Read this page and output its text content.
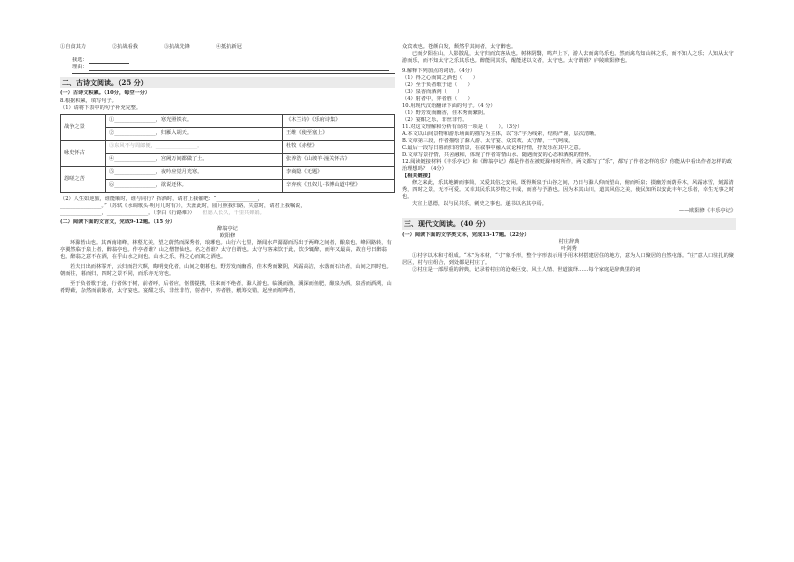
①自食其力	②抗战看我	③抗战先锋	④抵抗新冠
我选：
理由：
二、古诗文阅读。（25 分）
(一）古诗文积累。（10分，每空一分）
8.根据积累，填写句子。
（1）请将下表中的句子补充完整。
战争之景	①________________，寒光照铁衣。	《木兰诗》《乐府诗集》
	②________________，归雁入胡天。	王维《使至塞上》
咏史怀古	③东风不与周郎便，________________。	杜牧《赤壁》
	④________________，宫阙万间都做了土。	张养浩《山坡羊·潼关怀古》
怨嗟之苦	⑤________________，夜吟应觉月光寒。	李商隐《无题》
	⑥________________，欲说还休。	辛弃疾《丑奴儿·书博山道中壁》
（2）人生如逆旅，谁能顺时，谁与同行？挥洒时，请君上我催吧：“________________，
________________。”（苏轼《水调歌头·明月几时有》），天涯此时，圆月照我归路，失意时，请君上我嘱说，
________________，________________。（李白《行路难》） 但愿人长久，千里共婵娟。
(二）阅读下面的文言文，完成9-12题。（15 分）
醉翁亭记
欧阳修

环滁皆山也。其西南诸峰，林壑尤美，望之蔚然而深秀者，琅琊也。山行六七里，渐闻水声潺潺而泻出于两峰之间者，酿泉也。峰回路转，有亭翼然临于泉上者，醉翁亭也。作亭者谁？山之僧智仙也。名之者谁？太守自谓也。太守与客来饮于此，饮少辄醉，而年又最高，故自号曰醉翁也。醉翁之意不在酒，在乎山水之间也。山水之乐，得之心而寓之酒也。

若夫日出而林霏开，云归而岩穴暝，晦明变化者，山间之朝暮也。野芳发而幽香，佳木秀而繁阴，风霜高洁，水落而石出者，山间之四时也。朝而往，暮而归，四时之景不同，而乐亦无穷也。

至于负者歌于途，行者休于树，前者呼，后者应，伛偻提携，往来而不绝者，滁人游也。临溪而渔，溪深而鱼肥，酿泉为酒，泉香而酒洌，山肴野蔌，杂然而前陈者，太守宴也。宴酣之乐，非丝非竹，射者中，弈者胜，觥筹交错，起坐而喧哗者，

众宾欢也。苍颜白发，颓然乎其间者，太守醉也。

已而夕阳在山，人影散乱，太守归而宾客从也。树林阴翳，鸣声上下，游人去而禽鸟乐也。然而禽鸟知山林之乐，而不知人之乐；人知从太守游而乐，而不知太守之乐其乐也。醉能同其乐，醒能述以文者，太守也。太守谓谁？庐陵欧阳修也。

9.解释下列加点的词语。（4分）
（1）得之心而寓之酒也（　　）
（2）至于负者歌于途（　　）
（3）泉香而酒洌（　　）
（4）射者中，弈者胜（　　）
10.用现代汉语翻译下面的句子。（4 分）
（1）野芳发而幽香，佳木秀而繁阴。
（2）宴酣之乐，非丝非竹。
11.对这文理解和分析有误的一项是（　　）。（3分）
A.本文以山间景物和游乐场面的描写为主体，以“乐”字为线索，结构严谨，层次清晰。
B.文章第三段，作者描绘了滁人游、太守宴、众宾欢、太守醉，一气呵成。
C.最后一段写日暮而归的情景，在叙事中融入议论和抒情，抒发乐在其中之意。
D.文章写景抒情，共舍融和，体现了作者寄情山水、随遇而安的心态和洒脱的情怀。

12.阅读链接材料《丰乐亭记》和《醉翁亭记》都是作者在被贬滁州时所作，两文都写了“乐”，都写了作者怎样的乐？你能从中看出作者怎样的政治理想吗？（4分）

【相关链接】

修之来此，乐其地僻而事简，又爱其俗之安闲。既得斯泉于山谷之间，乃日与滁人仰而望山，俯而听泉；掇幽芳而荫乔木，风霜冰雪，刻露清秀，四时之景，无不可爱。又幸其民乐其岁物之丰成，而喜与予游也。因为本其山川，道其风俗之美，使民知所以安此丰年之乐者，幸生无事之时也。

夫宣上恩德，以与民共乐，刺史之事也。遂书以名其亭焉。

——欧阳修《丰乐亭记》
三、现代文阅读。（40 分）
(一）阅读下面的文学类文本，完成13-17题。（22分）
村庄辞典
叶剑秀

①村字以木和寸组成。“木”为本材，“寸”象手形，整个字形表示用手用木材搭建居住的地方，意为人口聚居的自然屯落。“庄”意人口驻扎的聚居区，村与庄组合，到处都是村庄了。

②村庄是一部厚重的辞典，记录着村庄的沧桑巨变、风土人情、世道演绎……每个家庭是辞典里的词
